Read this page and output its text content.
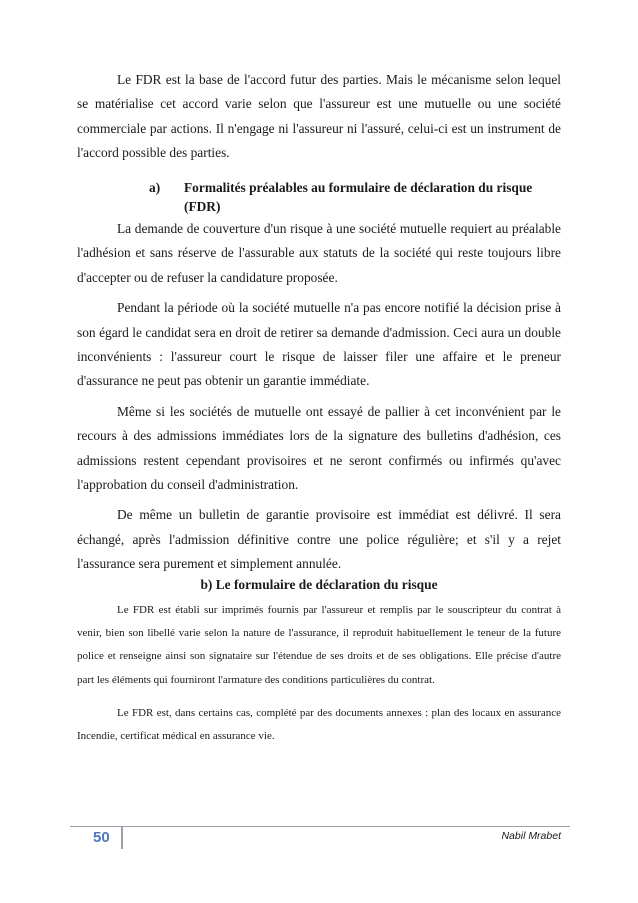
Le FDR est la base de l'accord futur des parties. Mais le mécanisme selon lequel se matérialise cet accord varie selon que l'assureur est une mutuelle ou une société commerciale par actions. Il n'engage ni l'assureur ni l'assuré, celui-ci est un instrument de l'accord possible des parties.

a) Formalités préalables au formulaire de déclaration du risque (FDR)

La demande de couverture d'un risque à une société mutuelle requiert au préalable l'adhésion et sans réserve de l'assurable aux statuts de la société qui reste toujours libre d'accepter ou de refuser la candidature proposée.

Pendant la période où la société mutuelle n'a pas encore notifié la décision prise à son égard le candidat sera en droit de retirer sa demande d'admission. Ceci aura un double inconvénients : l'assureur court le risque de laisser filer une affaire et le preneur d'assurance ne peut pas obtenir un garantie immédiate.

Même si les sociétés de mutuelle ont essayé de pallier à cet inconvénient par le recours à des admissions immédiates lors de la signature des bulletins d'adhésion, ces admissions restent cependant provisoires et ne seront confirmés ou infirmés qu'avec l'approbation du conseil d'administration.

De même un bulletin de garantie provisoire est immédiat est délivré. Il sera échangé, après l'admission définitive contre une police régulière; et s'il y a rejet l'assurance sera purement et simplement annulée.

b) Le formulaire de déclaration du risque

Le FDR est établi sur imprimés fournis par l'assureur et remplis par le souscripteur du contrat à venir, bien son libellé varie selon la nature de l'assurance, il reproduit habituellement le teneur de la future police et renseigne ainsi son signataire sur l'étendue de ses droits et de ses obligations. Elle précise d'autre part les éléments qui fourniront l'armature des conditions particulières du contrat.

Le FDR est, dans certains cas, complété par des documents annexes : plan des locaux en assurance Incendie, certificat médical en assurance vie.

50	Nabil Mrabet
